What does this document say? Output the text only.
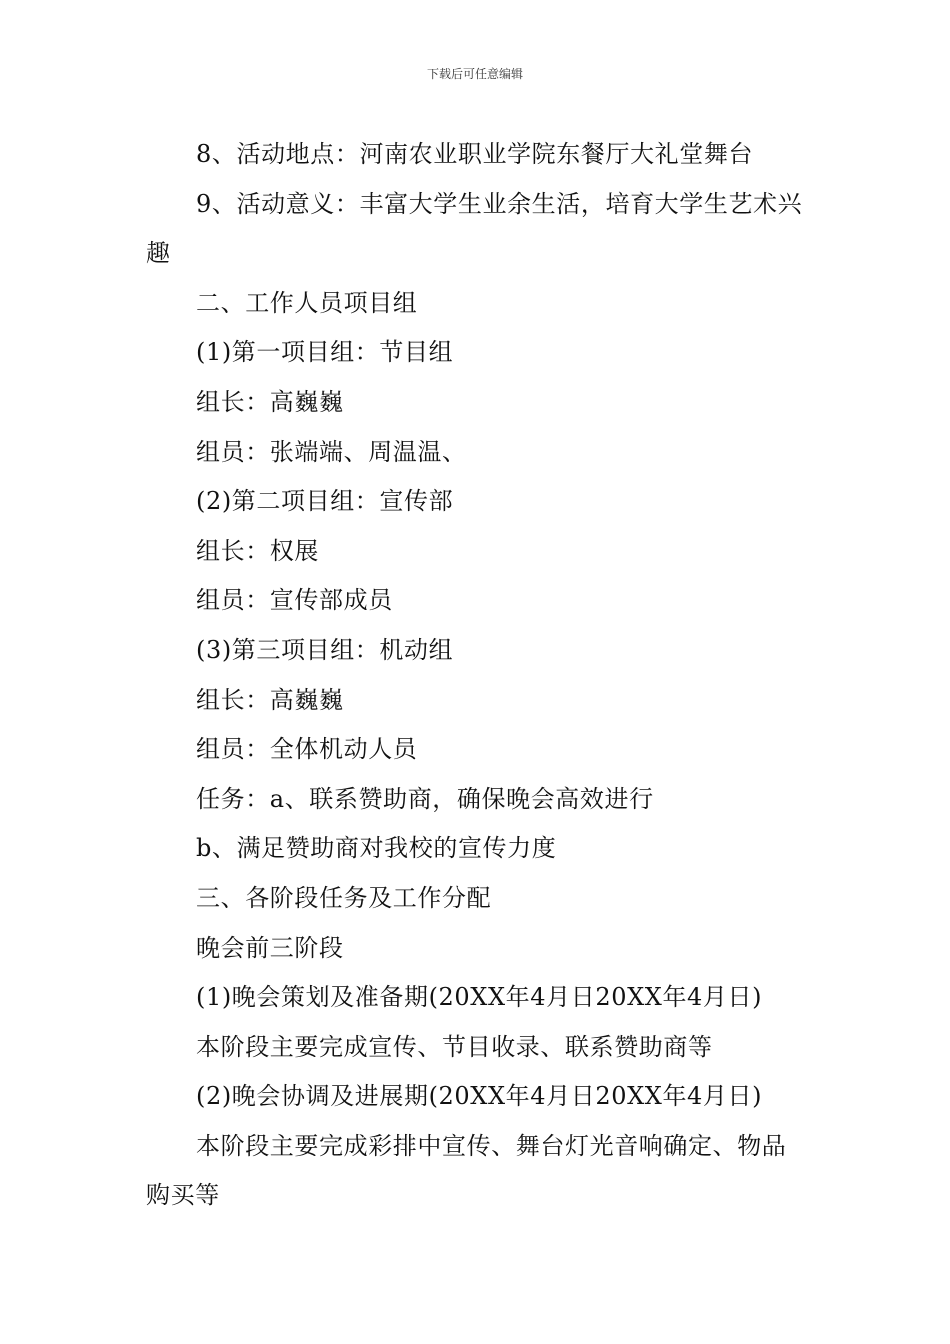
下载后可任意编辑
8、活动地点：河南农业职业学院东餐厅大礼堂舞台
9、活动意义：丰富大学生业余生活，培育大学生艺术兴趣
二、工作人员项目组
(1)第一项目组：节目组
组长：高巍巍
组员：张端端、周温温、
(2)第二项目组：宣传部
组长：权展
组员：宣传部成员
(3)第三项目组：机动组
组长：高巍巍
组员：全体机动人员
任务：a、联系赞助商，确保晚会高效进行
b、满足赞助商对我校的宣传力度
三、各阶段任务及工作分配
晚会前三阶段
(1)晚会策划及准备期(20XX年4月日20XX年4月日)
本阶段主要完成宣传、节目收录、联系赞助商等
(2)晚会协调及进展期(20XX年4月日20XX年4月日)
本阶段主要完成彩排中宣传、舞台灯光音响确定、物品购买等
